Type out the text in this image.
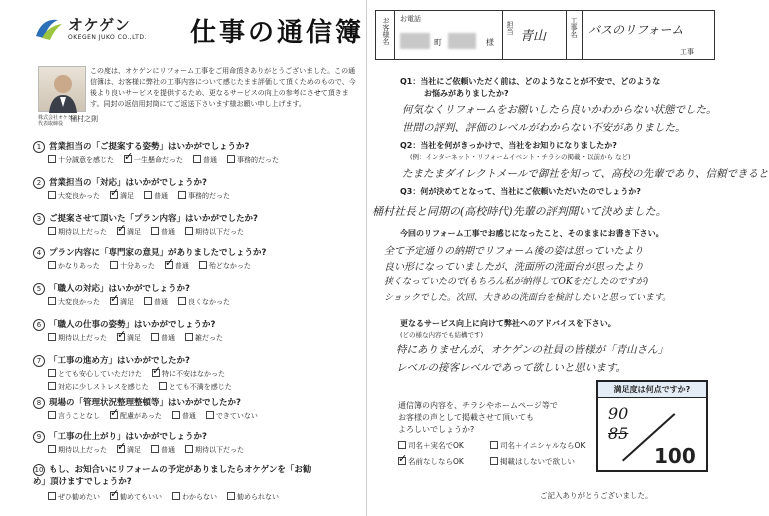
オケゲン
OKEGEN JUKO CO.,LTD. 仕事の通信簿
株式会社オケゲン
代表取締役
桶村之則
この度は、オケゲンにリフォーム工事をご用命頂きありがとうございました。この通信簿は、お客様に弊社の工事内容について感じたまま評価して頂くためのもので、今後より良いサービスを提供するため、更なるサービスの向上の参考にさせて頂きます。同封の返信用封筒にてご返送下さいます様お願い申し上げます。
1 営業担当の「ご提案する姿勢」はいかがでしょうか?
十分誠意を感じた ✓	一生懸命だった	普通	事務的だった
2 営業担当の「対応」はいかがでしょうか?
大変良かった ✓	満足	普通	事務的だった
3 ご提案させて頂いた「プラン内容」はいかがでしたか?
期待以上だった ✓	満足	普通	期待以下だった
4 プラン内容に「専門家の意見」がありましたでしょうか?
かなりあった	十分あった ✓	普通	殆どなかった
5 「職人の対応」はいかがでしょうか?
大変良かった ✓	満足	普通	良くなかった
6 「職人の仕事の姿勢」はいかがでしょうか?
期待以上だった ✓	満足	普通	雑だった
7 「工事の進め方」はいかがでしたか?
とても安心していただけた ✓	特に不安はなかった
対応に少しストレスを感じた	とても不満を感じた
8 現場の「管理状況整理整頓等」はいかがでしたか?
言うことなし ✓	配慮があった	普通	できていない
9 「工事の仕上がり」はいかがでしょうか?
期待以上だった ✓	満足	普通	期待以下だった
10 もし、お知合いにリフォームの予定がありましたらオケゲンを「お勧め」頂けますでしょうか?
ぜひ勧めたい ✓	勧めてもいい	わからない	勧められない
お客様名 お電話
町	様
担当
青山	工事名 バスのリフォーム
工事
Q1：当社にご依頼いただく前は、どのようなことが不安で、どのような
お悩みがありましたか?
何気なくリフォームをお願いしたら良いかわからない状態でした。
世間の評判、評価のレベルがわからない不安がありました。
Q2：当社を何がきっかけで、当社をお知りになりましたか?
(例：インターネット・リフォームイベント・チラシの掲載・以前から など)
たまたまダイレクトメールで御社を知って、高校の先輩であり、信頼できると
Q3：何が決めてとなって、当社にご依頼いただいたのでしょうか?
桶村社長と同期の(高校時代)先輩の評判聞いて決めました。
今回のリフォーム工事でお感じになったこと、そのままにお書き下さい。
全て予定通りの納期でリフォーム後の姿は思っていたより
良い形になっていましたが、洗面所の洗面台が思ったより
狭くなっていたので(もちろん私が納得してOKをだしたのですが)
ショックでした。次回、大きめの洗面台を検討したいと思っています。
更なるサービス向上に向けて弊社へのアドバイスを下さい。
(どの様な内容でも結構です)
特にありませんが、オケゲンの社員の皆様が「青山さん」
レベルの接客レベルであって欲しいと思います。
満足度は何点ですか?
90
85
100
通信簿の内容を、チラシやホームページ等で
お客様の声として掲載させて頂いても
よろしいでしょうか?
司名＋実名でOK	司名＋イニシャルならOK
✓名前なしならOK	掲載はしないで欲しい
ご記入ありがとうございました。
